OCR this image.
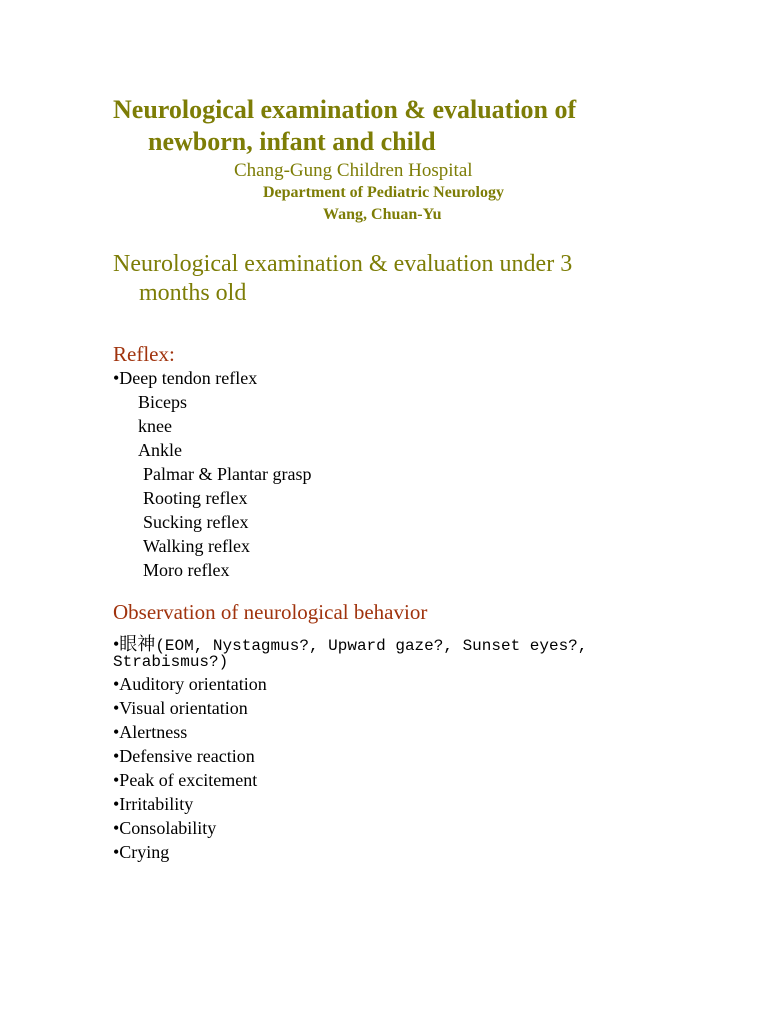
Neurological examination & evaluation of
newborn, infant and child
Chang-Gung Children Hospital
Department of Pediatric Neurology
Wang, Chuan-Yu
Neurological examination & evaluation under 3
months old
Reflex:
•Deep tendon reflex
Biceps
knee
Ankle
Palmar & Plantar grasp
Rooting reflex
Sucking reflex
Walking reflex
Moro reflex
Observation of neurological behavior
•眼神(EOM, Nystagmus?, Upward gaze?, Sunset eyes?,
Strabismus?)
•Auditory orientation
•Visual orientation
•Alertness
•Defensive reaction
•Peak of excitement
•Irritability
•Consolability
•Crying
